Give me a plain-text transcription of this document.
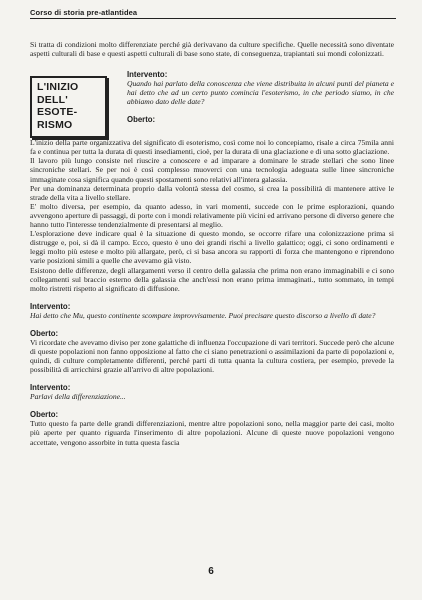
Corso di storia pre-atlantidea

Si tratta di condizioni molto differenziate perché già derivavano da culture specifiche. Quelle necessità sono diventate aspetti culturali di base e questi aspetti culturali di base sono state, di conseguenza, trapiantati sui mondi colonizzati.

L'INIZIO
DELL'
ESOTE-
RISMO
Intervento:

Quando hai parlato della conoscenza che viene distribuita in alcuni punti del pianeta e hai detto che ad un certo punto comincia l'esoterismo, in che periodo siamo, in che abbiamo dato delle date?

Oberto:

L'inizio della parte organizzativa del significato di esoterismo, così come noi lo concepiamo, risale a circa 75mila anni fa e continua per tutta la durata di questi insediamenti, cioè, per la durata di una glaciazione e di una sotto glaciazione.

Il lavoro più lungo consiste nel riuscire a conoscere e ad imparare a dominare le strade stellari che sono linee sincroniche stellari. Se per noi è così complesso muoverci con una tecnologia adeguata sulle linee sincroniche immaginate cosa significa quando questi spostamenti sono relativi all'intera galassia.

Per una dominanza determinata proprio dalla volontà stessa del cosmo, si crea la possibilità di mantenere attive le strade della vita a livello stellare.

E' molto diversa, per esempio, da quanto adesso, in vari momenti, succede con le prime esplorazioni, quando avvengono aperture di passaggi, di porte con i mondi relativamente più vicini ed arrivano persone di diverso genere che hanno tutto l'interesse tendenzialmente di presentarsi al meglio.

L'esplorazione deve indicare qual è la situazione di questo mondo, se occorre rifare una colonizzazione prima si distrugge e, poi, si dà il campo. Ecco, questo è uno dei grandi rischi a livello galattico; oggi, ci sono ordinamenti e leggi molto più estese e molto più allargate, però, ci si basa ancora su rapporti di forza che mantengono e riprendono varie posizioni simili a quelle che avevamo già visto.

Esistono delle differenze, degli allargamenti verso il centro della galassia che prima non erano immaginabili e ci sono collegamenti sul braccio esterno della galassia che anch'essi non erano prima immaginati., tutto sommato, in tempi molto ristretti rispetto al significato di diffusione.

Intervento:

Hai detto che Mu, questo continente scompare improvvisamente. Puoi precisare questo discorso a livello di date?

Oberto:

Vi ricordate che avevamo diviso per zone galattiche di influenza l'occupazione di vari territori. Succede però che alcune di queste popolazioni non fanno opposizione al fatto che ci siano penetrazioni o assimilazioni da parte di popolazioni e, quindi, di culture completamente differenti, perché parti di tutta quanta la cultura costiera, per esempio, prevede la possibilità di arricchirsi grazie all'arrivo di altre popolazioni.

Intervento:

Parlavi della differenziazione...

Oberto:

Tutto questo fa parte delle grandi differenziazioni, mentre altre popolazioni sono, nella maggior parte dei casi, molto più aperte per quanto riguarda l'inserimento di altre popolazioni. Alcune di queste nuove popolazioni vengono accettate, vengono assorbite in tutta questa fascia

6
